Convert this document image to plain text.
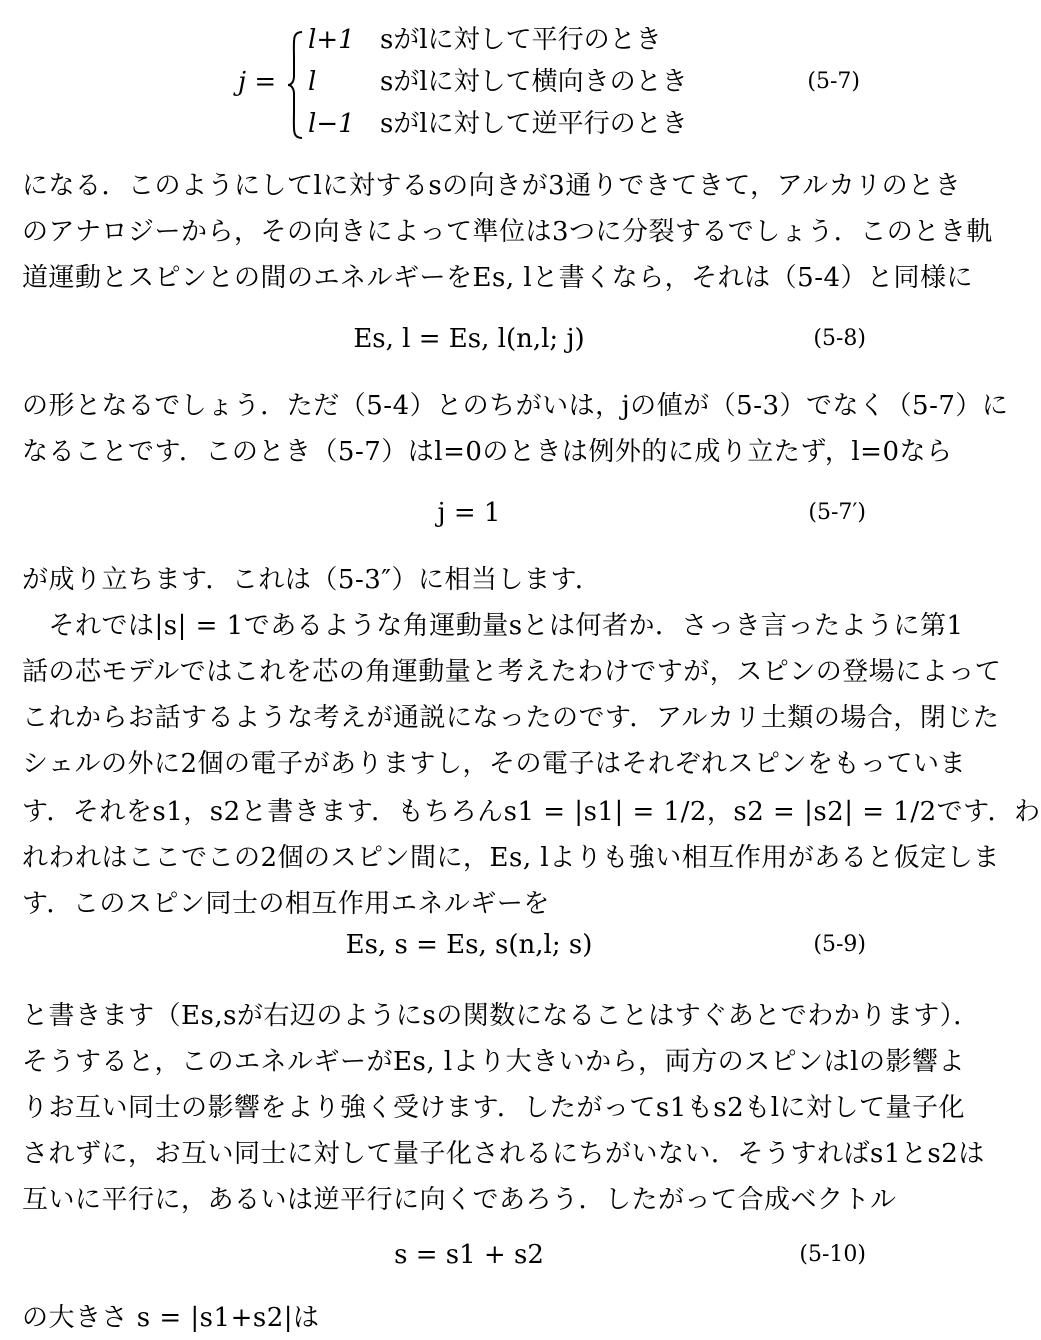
j =
l+1 sがlに対して平行のとき
l sがlに対して横向きのとき
l−1 sがlに対して逆平行のとき
(5-7)
になる．このようにしてlに対するsの向きが3通りできてきて，アルカリのとき
のアナロジーから，その向きによって準位は3つに分裂するでしょう．このとき軌
道運動とスピンとの間のエネルギーをEs, lと書くなら，それは（5-4）と同様に
Es, l = Es, l(n,l; j)	(5-8)
の形となるでしょう．ただ（5-4）とのちがいは，jの値が（5-3）でなく（5-7）に
なることです．このとき（5-7）はl=0のときは例外的に成り立たず，l=0なら
j = 1	(5-7′)
が成り立ちます．これは（5-3″）に相当します．
　それでは|s| = 1であるような角運動量sとは何者か．さっき言ったように第1
話の芯モデルではこれを芯の角運動量と考えたわけですが，スピンの登場によって
これからお話するような考えが通説になったのです．アルカリ土類の場合，閉じた
シェルの外に2個の電子がありますし，その電子はそれぞれスピンをもっていま
す．それをs1，s2と書きます．もちろんs1 = |s1| = 1/2，s2 = |s2| = 1/2です．わ
れわれはここでこの2個のスピン間に，Es, lよりも強い相互作用があると仮定しま
す．このスピン同士の相互作用エネルギーを
Es, s = Es, s(n,l; s)	(5-9)
と書きます（Es,sが右辺のようにsの関数になることはすぐあとでわかります）．
そうすると，このエネルギーがEs, lより大きいから，両方のスピンはlの影響よ
りお互い同士の影響をより強く受けます．したがってs1もs2もlに対して量子化
されずに，お互い同士に対して量子化されるにちがいない．そうすればs1とs2は
互いに平行に，あるいは逆平行に向くであろう．したがって合成ベクトル
s = s1 + s2	(5-10)
の大きさ s = |s1+s2|は
